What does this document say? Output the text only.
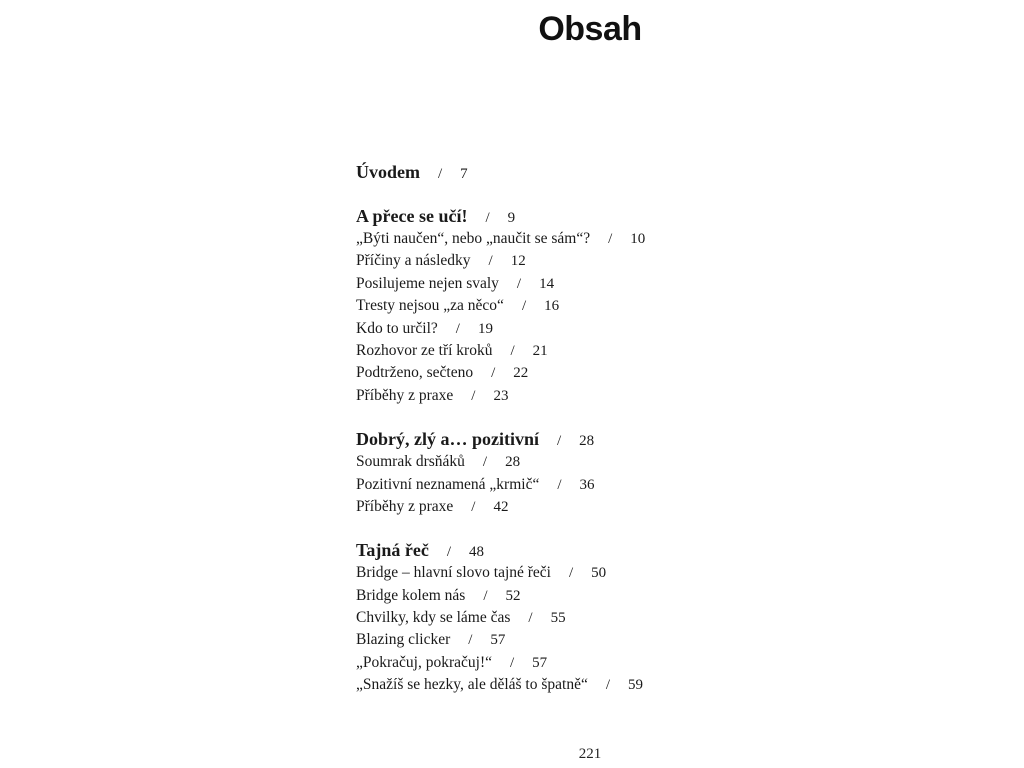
Obsah
Úvodem / 7
A přece se učí! / 9
„Býti naučen“, nebo „naučit se sám“? / 10
Příčiny a následky / 12
Posilujeme nejen svaly / 14
Tresty nejsou „za něco“ / 16
Kdo to určil? / 19
Rozhovor ze tří kroků / 21
Podtrženo, sečteno / 22
Příběhy z praxe / 23
Dobrý, zlý a… pozitivní / 28
Soumrak drsňáků / 28
Pozitivní neznamená „krmič“ / 36
Příběhy z praxe / 42
Tajná řeč / 48
Bridge – hlavní slovo tajné řeči / 50
Bridge kolem nás / 52
Chvilky, kdy se láme čas / 55
Blazing clicker / 57
„Pokračuj, pokračuj!“ / 57
„Snažíš se hezky, ale děláš to špatně“ / 59
221
